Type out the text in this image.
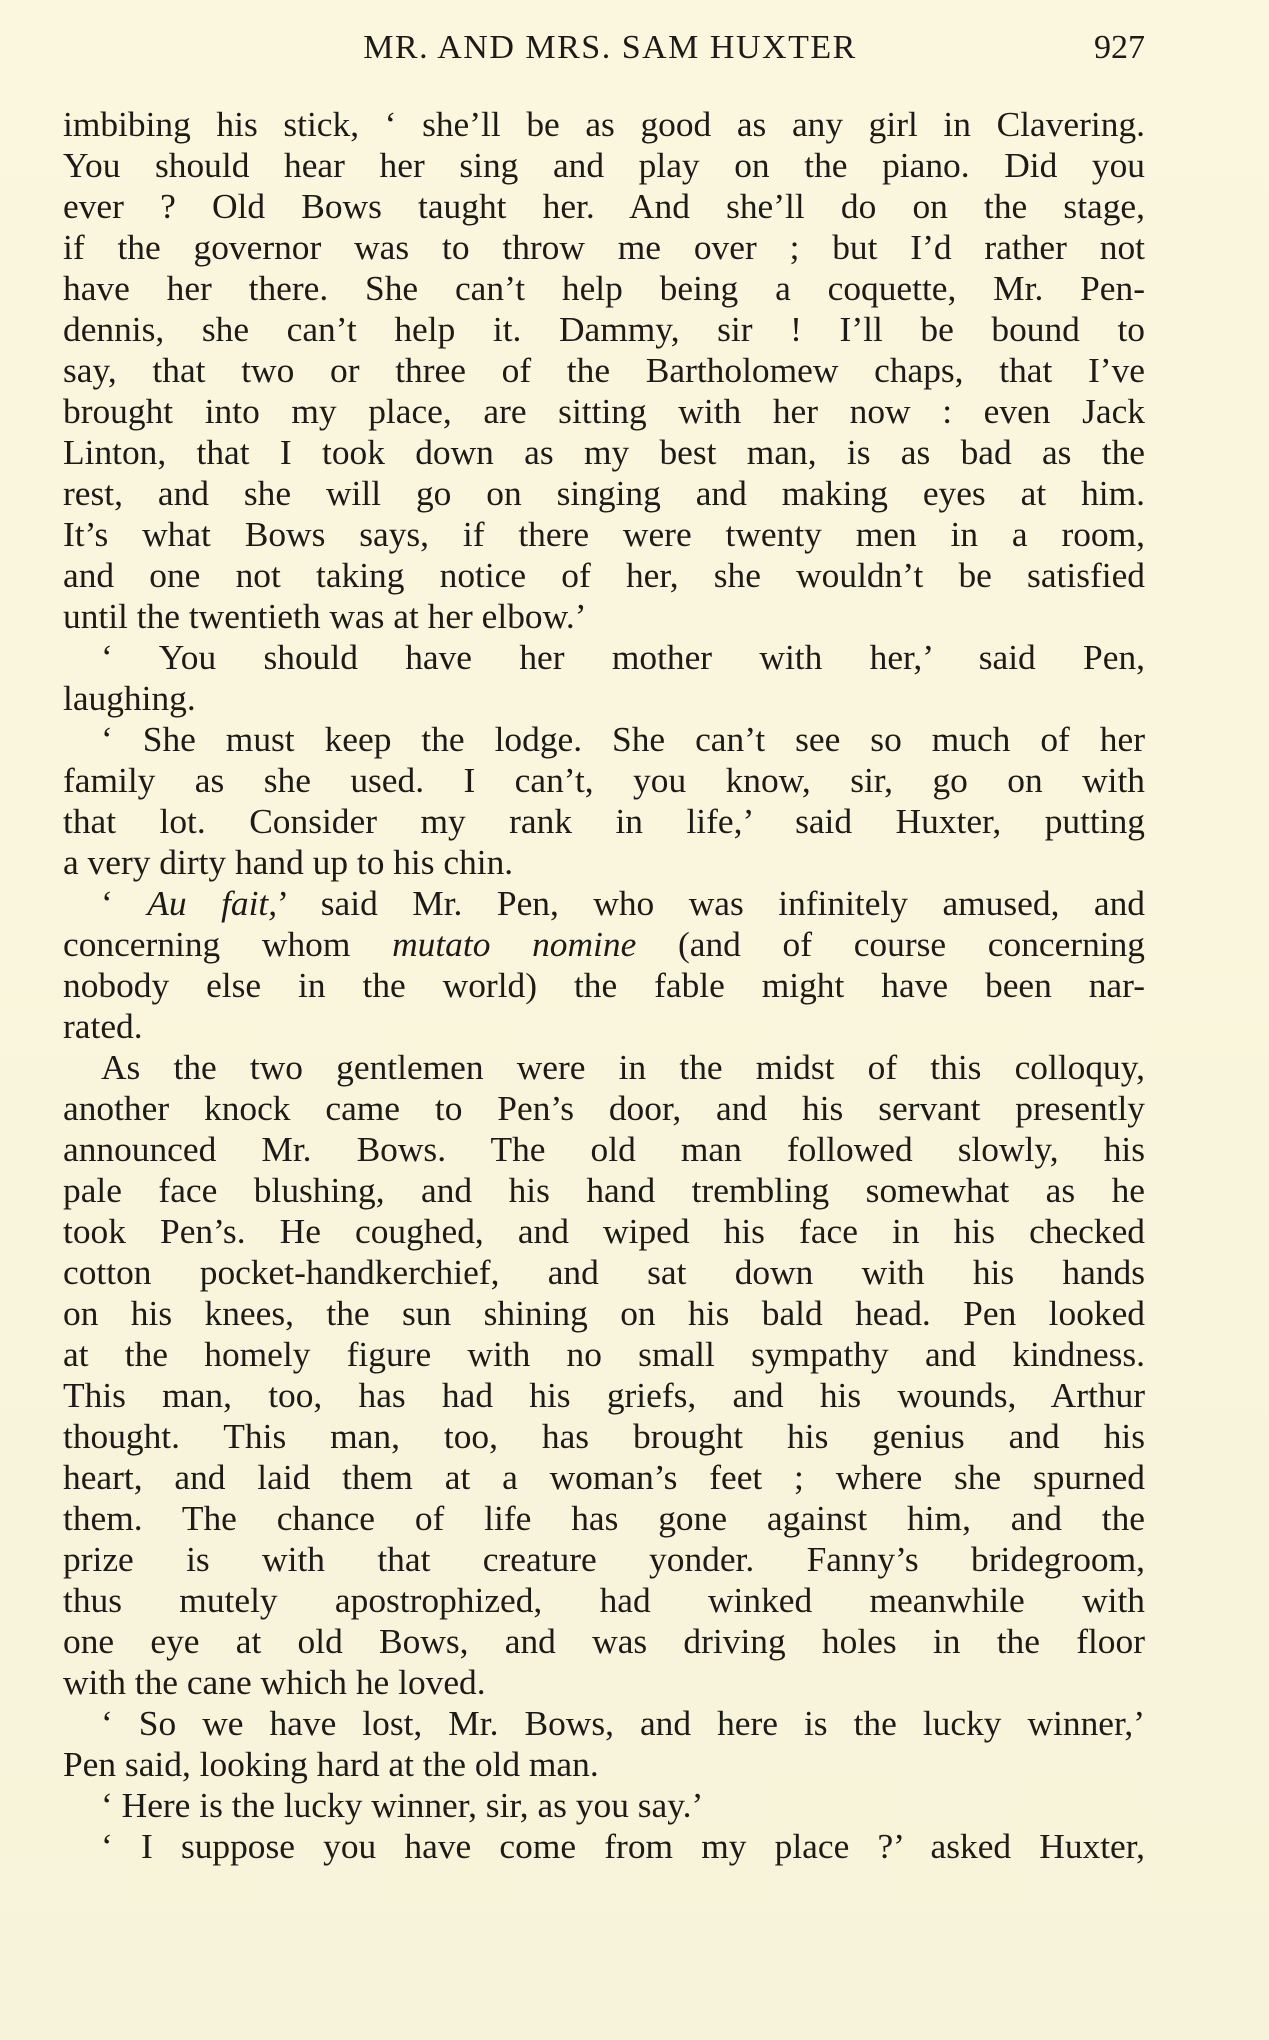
MR. AND MRS. SAM HUXTER	927
imbibing his stick, ‘ she’ll be as good as any girl in Clavering.
You should hear her sing and play on the piano. Did you
ever ? Old Bows taught her. And she’ll do on the stage,
if the governor was to throw me over ; but I’d rather not
have her there. She can’t help being a coquette, Mr. Pen-
dennis, she can’t help it. Dammy, sir ! I’ll be bound to
say, that two or three of the Bartholomew chaps, that I’ve
brought into my place, are sitting with her now : even Jack
Linton, that I took down as my best man, is as bad as the
rest, and she will go on singing and making eyes at him.
It’s what Bows says, if there were twenty men in a room,
and one not taking notice of her, she wouldn’t be satisfied
until the twentieth was at her elbow.’
‘ You should have her mother with her,’ said Pen,
laughing.
‘ She must keep the lodge. She can’t see so much of her
family as she used. I can’t, you know, sir, go on with
that lot. Consider my rank in life,’ said Huxter, putting
a very dirty hand up to his chin.
‘ Au fait,’ said Mr. Pen, who was infinitely amused, and
concerning whom mutato nomine (and of course concerning
nobody else in the world) the fable might have been nar-
rated.
As the two gentlemen were in the midst of this colloquy,
another knock came to Pen’s door, and his servant presently
announced Mr. Bows. The old man followed slowly, his
pale face blushing, and his hand trembling somewhat as he
took Pen’s. He coughed, and wiped his face in his checked
cotton pocket-handkerchief, and sat down with his hands
on his knees, the sun shining on his bald head. Pen looked
at the homely figure with no small sympathy and kindness.
This man, too, has had his griefs, and his wounds, Arthur
thought. This man, too, has brought his genius and his
heart, and laid them at a woman’s feet ; where she spurned
them. The chance of life has gone against him, and the
prize is with that creature yonder. Fanny’s bridegroom,
thus mutely apostrophized, had winked meanwhile with
one eye at old Bows, and was driving holes in the floor
with the cane which he loved.
‘ So we have lost, Mr. Bows, and here is the lucky winner,’
Pen said, looking hard at the old man.
‘ Here is the lucky winner, sir, as you say.’
‘ I suppose you have come from my place ?’ asked Huxter,
